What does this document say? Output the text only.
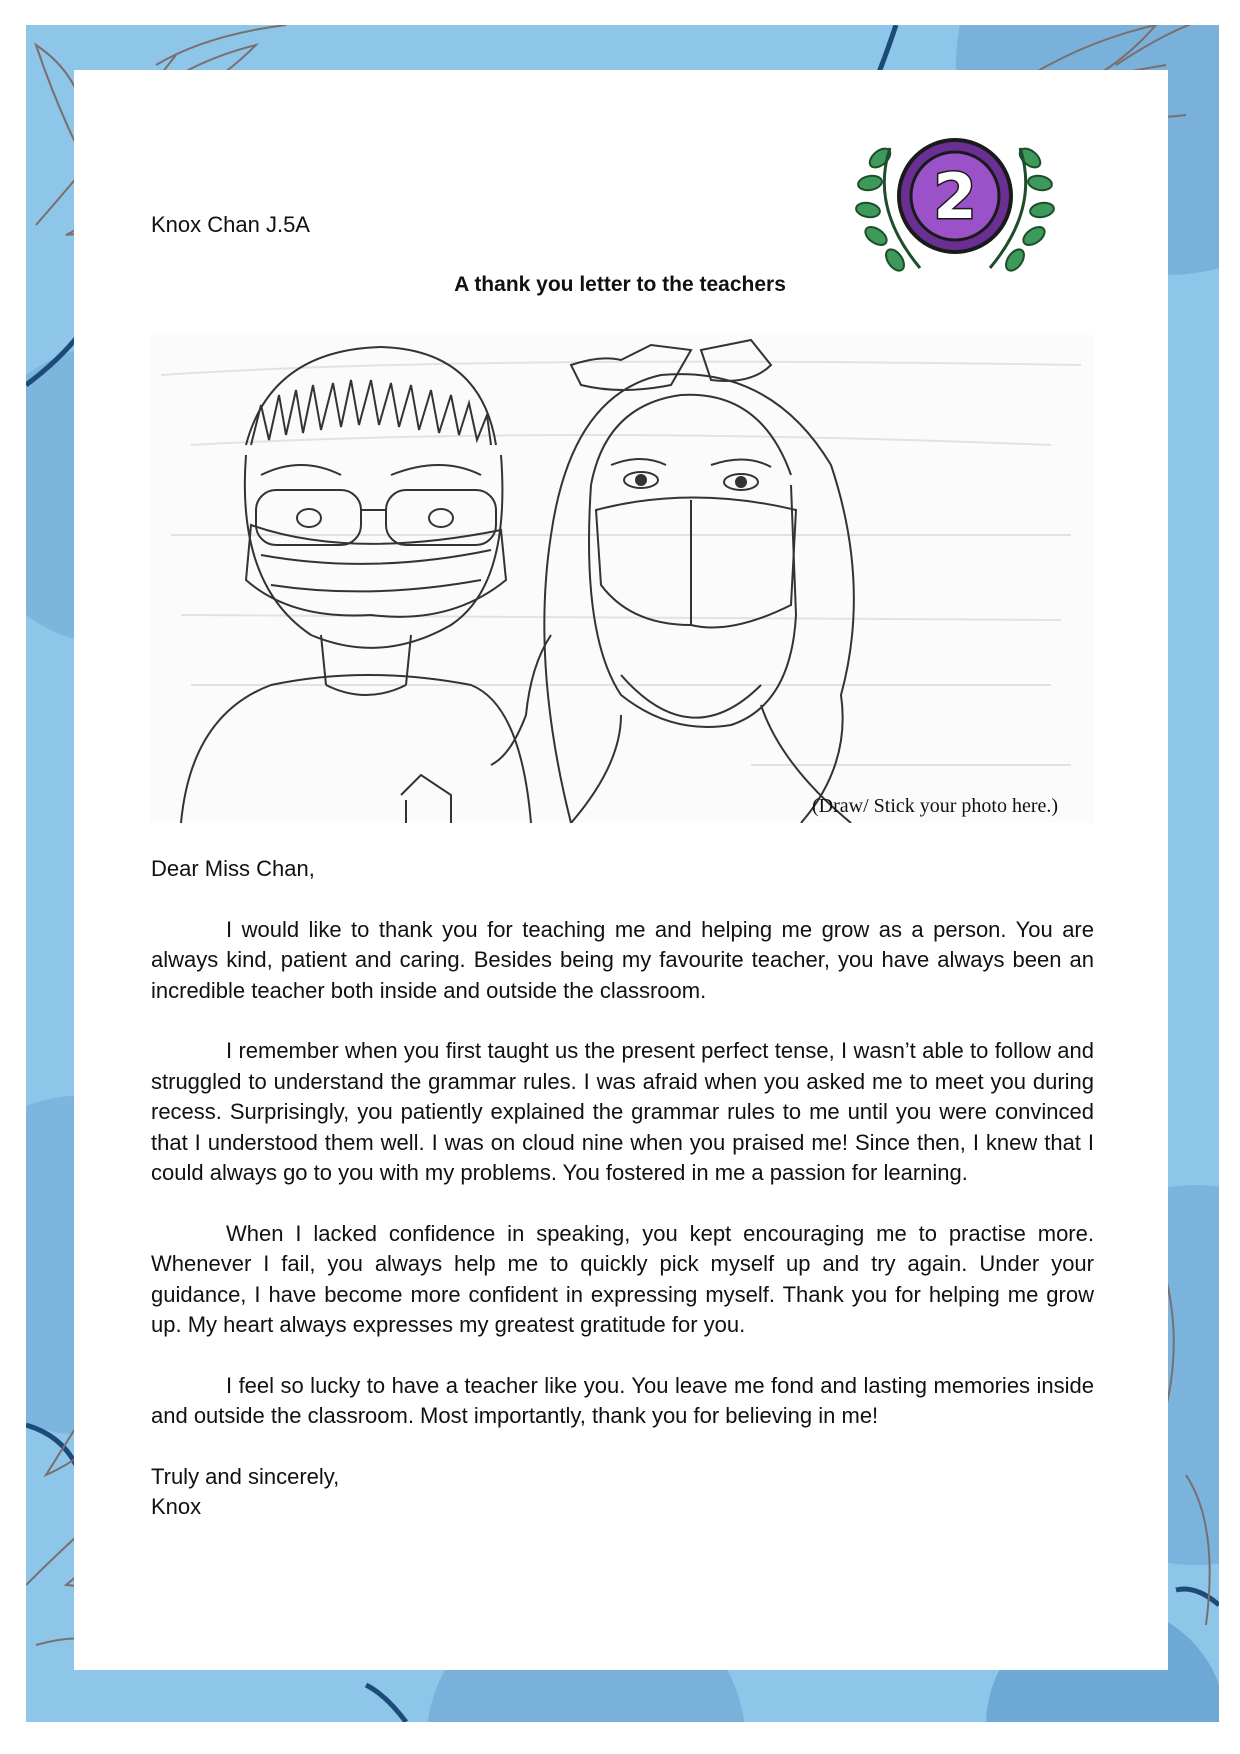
Knox Chan J.5A	2
A thank you letter to the teachers
(Draw/ Stick your photo here.)

Dear Miss Chan,

I would like to thank you for teaching me and helping me grow as a person. You are always kind, patient and caring. Besides being my favourite teacher, you have always been an incredible teacher both inside and outside the classroom.

I remember when you first taught us the present perfect tense, I wasn’t able to follow and struggled to understand the grammar rules. I was afraid when you asked me to meet you during recess. Surprisingly, you patiently explained the grammar rules to me until you were convinced that I understood them well. I was on cloud nine when you praised me! Since then, I knew that I could always go to you with my problems. You fostered in me a passion for learning.

When I lacked confidence in speaking, you kept encouraging me to practise more. Whenever I fail, you always help me to quickly pick myself up and try again. Under your guidance, I have become more confident in expressing myself. Thank you for helping me grow up. My heart always expresses my greatest gratitude for you.

I feel so lucky to have a teacher like you. You leave me fond and lasting memories inside and outside the classroom. Most importantly, thank you for believing in me!

Truly and sincerely,

Knox
